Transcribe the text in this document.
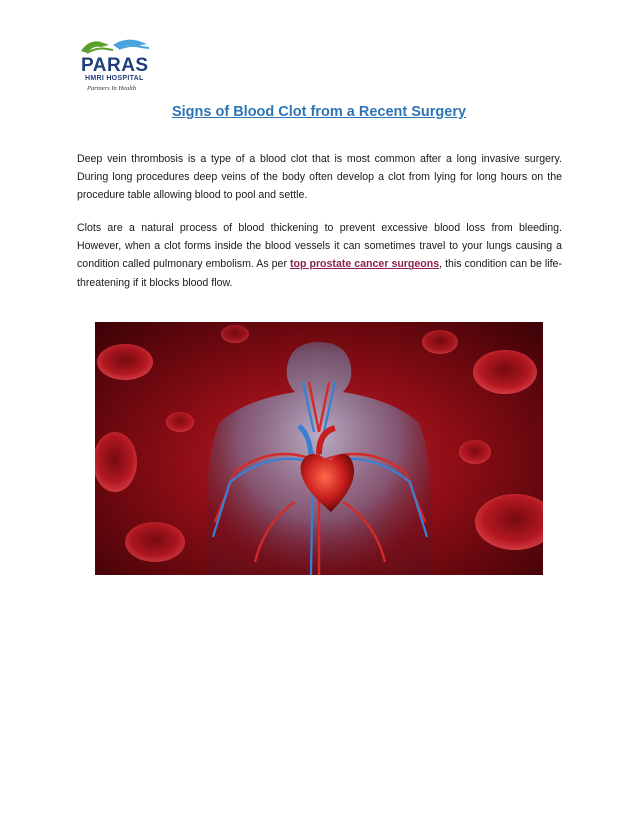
PARAS
HMRI HOSPITAL
Partners In Health
Signs of Blood Clot from a Recent Surgery

Deep vein thrombosis is a type of a blood clot that is most common after a long invasive surgery. During long procedures deep veins of the body often develop a clot from lying for long hours on the procedure table allowing blood to pool and settle.

Clots are a natural process of blood thickening to prevent excessive blood loss from bleeding. However, when a clot forms inside the blood vessels it can sometimes travel to your lungs causing a condition called pulmonary embolism. As per top prostate cancer surgeons, this condition can be life-threatening if it blocks blood flow.
